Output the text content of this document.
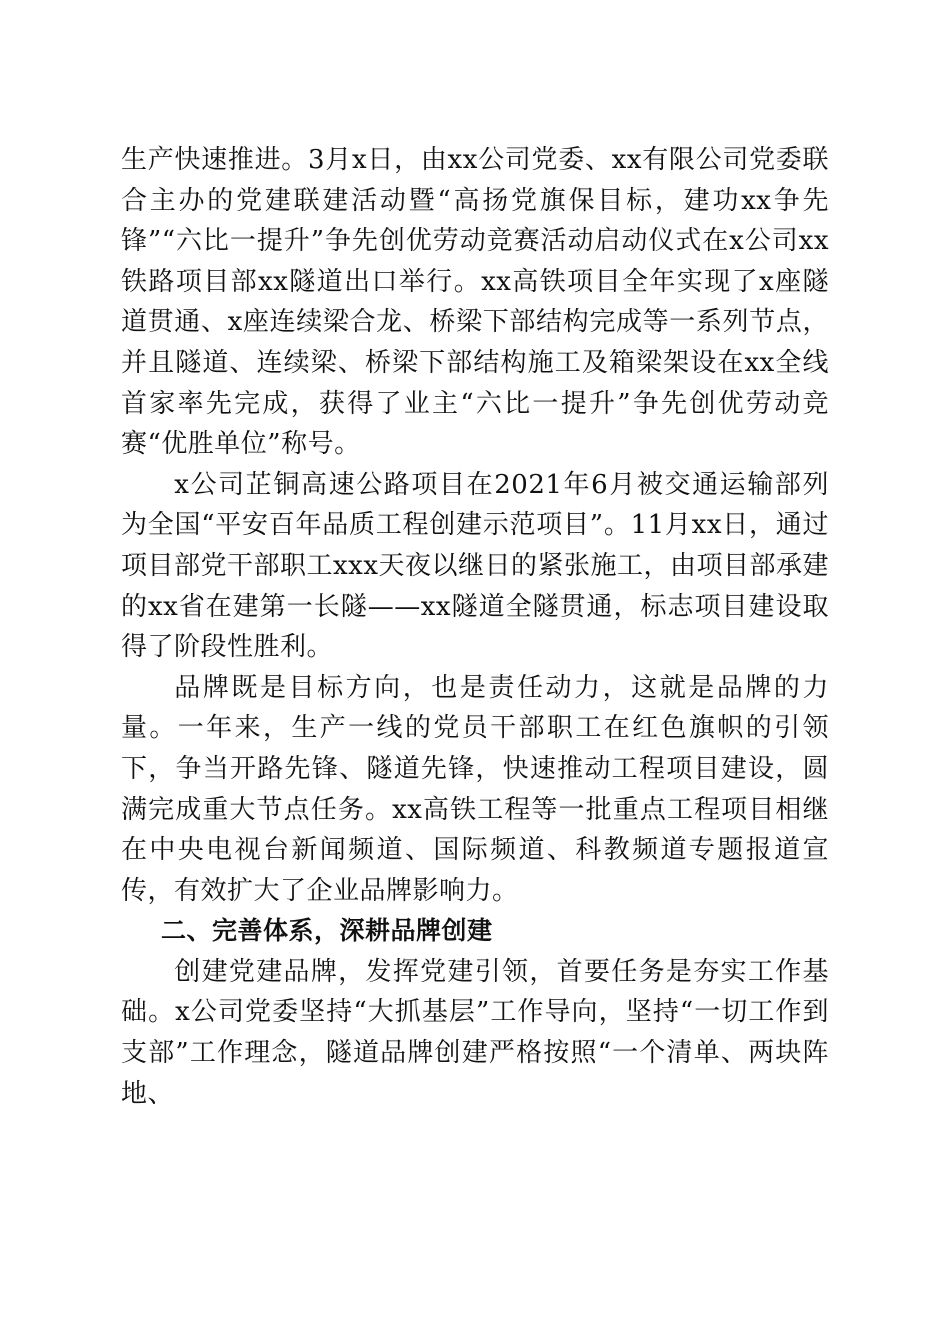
生产快速推进。3月x日，由xx公司党委、xx有限公司党委联合主办的党建联建活动暨“高扬党旗保目标，建功xx争先锋”“六比一提升”争先创优劳动竞赛活动启动仪式在x公司xx铁路项目部xx隧道出口举行。xx高铁项目全年实现了x座隧道贯通、x座连续梁合龙、桥梁下部结构完成等一系列节点，并且隧道、连续梁、桥梁下部结构施工及箱梁架设在xx全线首家率先完成，获得了业主“六比一提升”争先创优劳动竞赛“优胜单位”称号。

x公司芷铜高速公路项目在2021年6月被交通运输部列为全国“平安百年品质工程创建示范项目”。11月xx日，通过项目部党干部职工xxx天夜以继日的紧张施工，由项目部承建的xx省在建第一长隧——xx隧道全隧贯通，标志项目建设取得了阶段性胜利。

品牌既是目标方向，也是责任动力，这就是品牌的力量。一年来，生产一线的党员干部职工在红色旗帜的引领下，争当开路先锋、隧道先锋，快速推动工程项目建设，圆满完成重大节点任务。xx高铁工程等一批重点工程项目相继在中央电视台新闻频道、国际频道、科教频道专题报道宣传，有效扩大了企业品牌影响力。

二、完善体系，深耕品牌创建

创建党建品牌，发挥党建引领，首要任务是夯实工作基础。x公司党委坚持“大抓基层”工作导向，坚持“一切工作到支部”工作理念，隧道品牌创建严格按照“一个清单、两块阵地、
